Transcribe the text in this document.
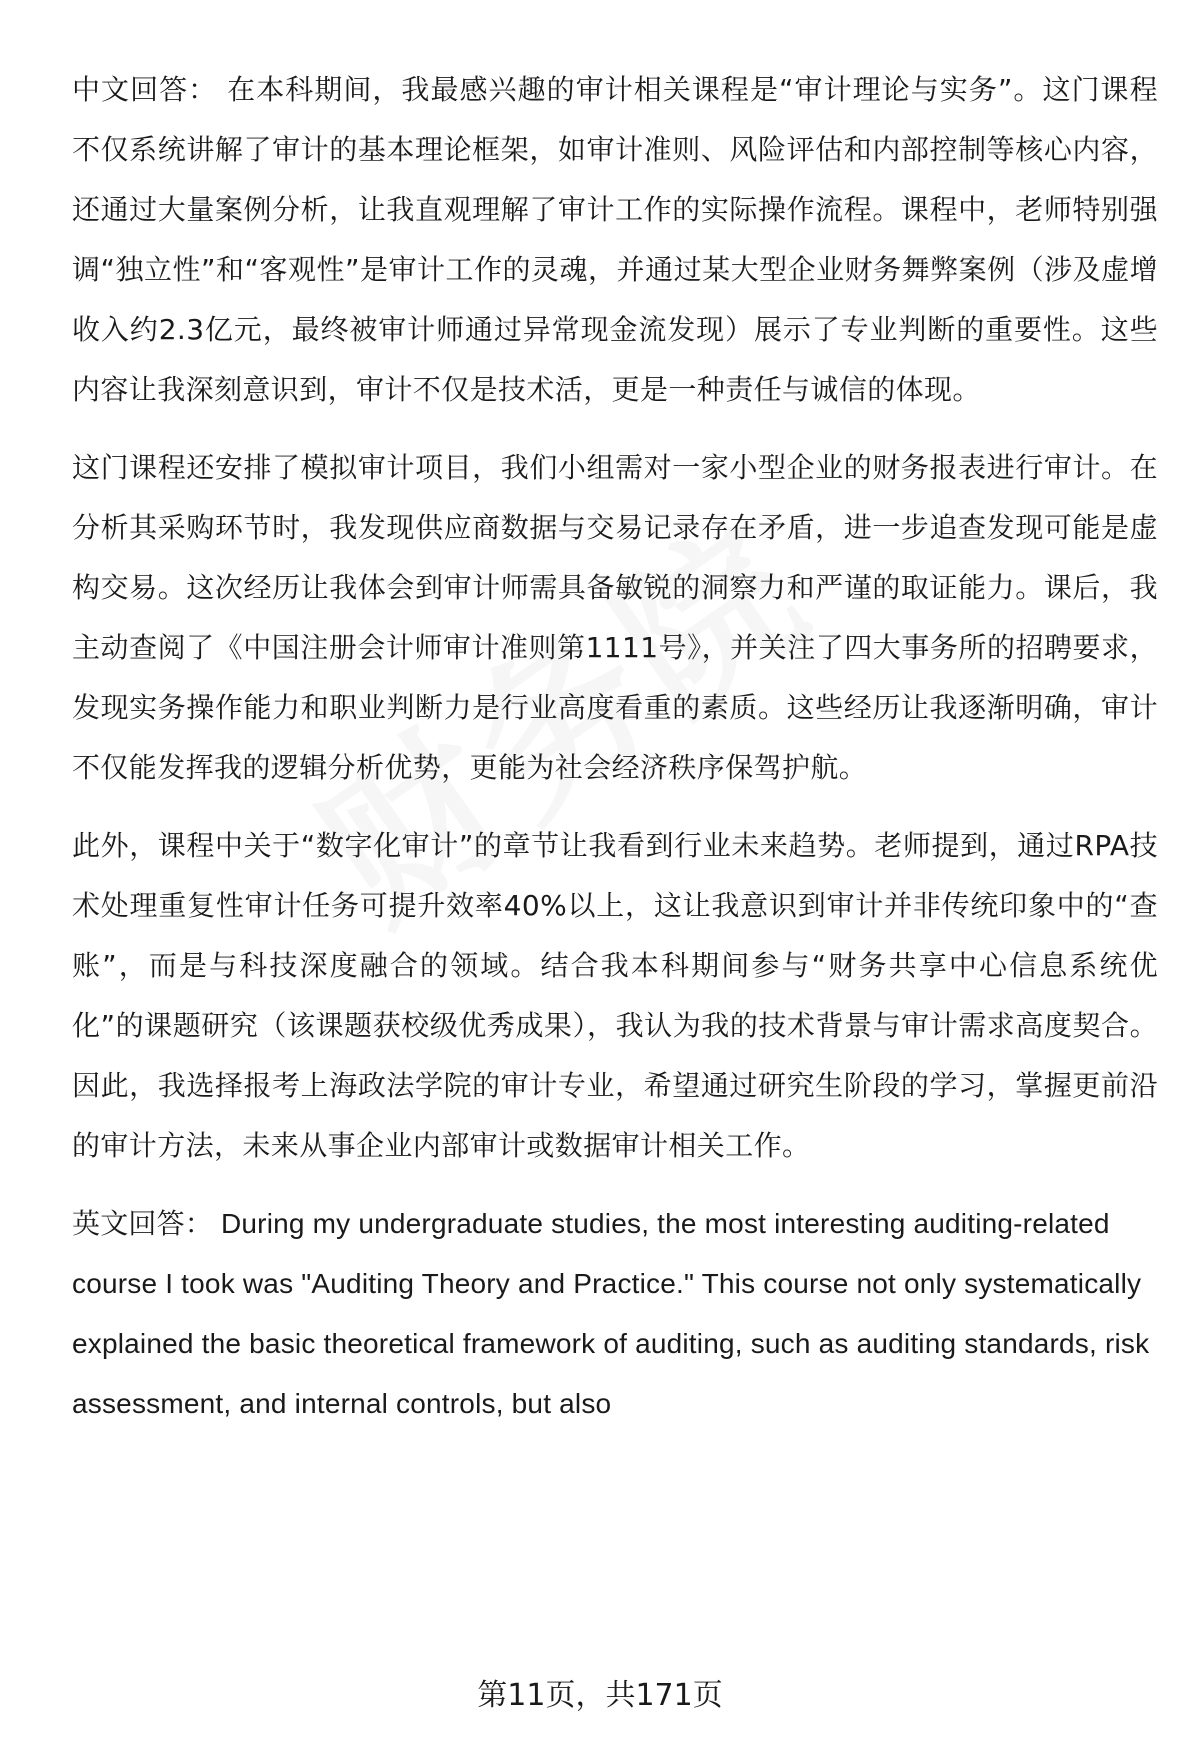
中文回答： 在本科期间，我最感兴趣的审计相关课程是“审计理论与实务”。这门课程不仅系统讲解了审计的基本理论框架，如审计准则、风险评估和内部控制等核心内容，还通过大量案例分析，让我直观理解了审计工作的实际操作流程。课程中，老师特别强调“独立性”和“客观性”是审计工作的灵魂，并通过某大型企业财务舞弊案例（涉及虚增收入约2.3亿元，最终被审计师通过异常现金流发现）展示了专业判断的重要性。这些内容让我深刻意识到，审计不仅是技术活，更是一种责任与诚信的体现。

这门课程还安排了模拟审计项目，我们小组需对一家小型企业的财务报表进行审计。在分析其采购环节时，我发现供应商数据与交易记录存在矛盾，进一步追查发现可能是虚构交易。这次经历让我体会到审计师需具备敏锐的洞察力和严谨的取证能力。课后，我主动查阅了《中国注册会计师审计准则第1111号》，并关注了四大事务所的招聘要求，发现实务操作能力和职业判断力是行业高度看重的素质。这些经历让我逐渐明确，审计不仅能发挥我的逻辑分析优势，更能为社会经济秩序保驾护航。

此外，课程中关于“数字化审计”的章节让我看到行业未来趋势。老师提到，通过RPA技术处理重复性审计任务可提升效率40%以上，这让我意识到审计并非传统印象中的“查账”，而是与科技深度融合的领域。结合我本科期间参与“财务共享中心信息系统优化”的课题研究（该课题获校级优秀成果），我认为我的技术背景与审计需求高度契合。因此，我选择报考上海政法学院的审计专业，希望通过研究生阶段的学习，掌握更前沿的审计方法，未来从事企业内部审计或数据审计相关工作。

英文回答： During my undergraduate studies, the most interesting auditing-related course I took was "Auditing Theory and Practice." This course not only systematically explained the basic theoretical framework of auditing, such as auditing standards, risk assessment, and internal controls, but also

第11页，共171页
